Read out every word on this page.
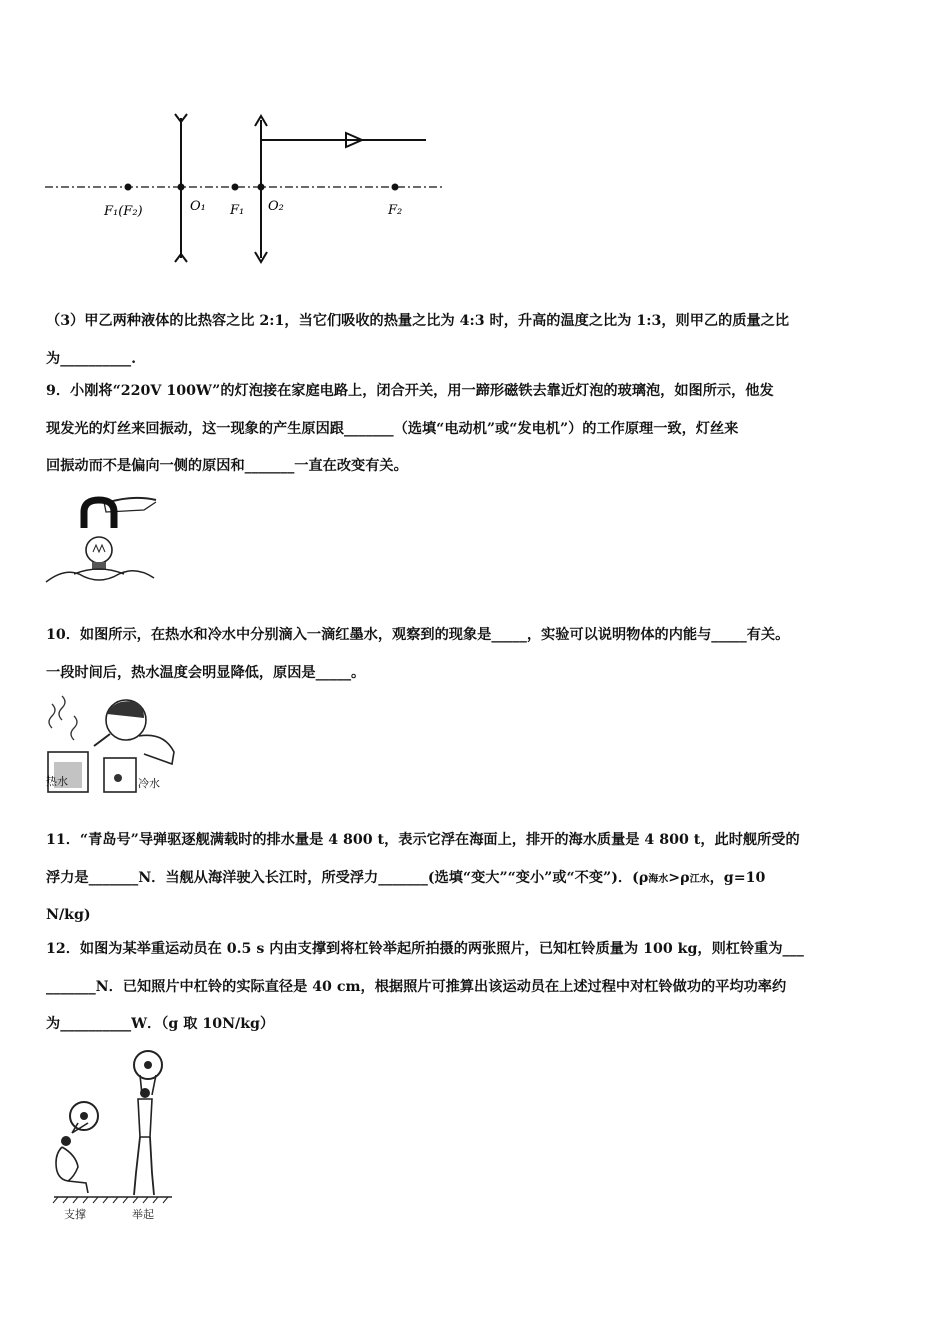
F₁(F₂)	O₁ F₁ O₂	F₂
（3）甲乙两种液体的比热容之比 2:1，当它们吸收的热量之比为 4:3 时，升高的温度之比为 1:3，则甲乙的质量之比
为__________.
9．小刚将“220V 100W”的灯泡接在家庭电路上，闭合开关，用一蹄形磁铁去靠近灯泡的玻璃泡，如图所示，他发
现发光的灯丝来回振动，这一现象的产生原因跟_______（选填“电动机”或“发电机”）的工作原理一致，灯丝来
回振动而不是偏向一侧的原因和_______一直在改变有关。
10．如图所示，在热水和冷水中分别滴入一滴红墨水，观察到的现象是_____，实验可以说明物体的内能与_____有关。
一段时间后，热水温度会明显降低，原因是_____。
热水	冷水
11．“青岛号”导弹驱逐舰满载时的排水量是 4 800 t，表示它浮在海面上，排开的海水质量是 4 800 t，此时舰所受的
浮力是_______N．当舰从海洋驶入长江时，所受浮力_______(选填“变大”“变小”或“不变”)．(ρ海水>ρ江水，g=10
N/kg)
12．如图为某举重运动员在 0.5 s 内由支撑到将杠铃举起所拍摄的两张照片，已知杠铃质量为 100 kg，则杠铃重为___
_______N．已知照片中杠铃的实际直径是 40 cm，根据照片可推算出该运动员在上述过程中对杠铃做功的平均功率约
为__________W．（g 取 10N/kg）
支撑	举起
